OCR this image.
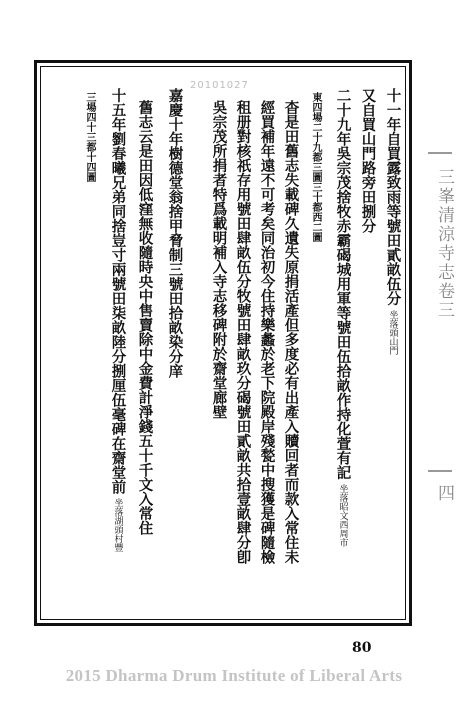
20101027
十一年自買露致雨等號田貳畝伍分坐落頭山門
又自買山門路旁田捌分
二十九年吳宗茂捨牧赤霸碣城用軍等號田伍拾畝作持化萱有記坐落昭文西周市
東四場二十九都三圖三十都西二圖
杳是田舊志失載碑久遺失原捐活產但多度必有出產入贖回者而款入常住未
經買補年遠不可考矣同治初今住持樂蠡於老下院殿岸殘甃中搜獲是碑隨檢
租册對核祇存用號田肆畝伍分牧號田肆畝玖分碣號田貳畝共拾壹畝肆分卽
吳宗茂所捐者特爲載明補入寺志移碑附於齋堂廊壁
嘉慶十年樹德堂翁捨甲脅制三號田拾畝染分庠
舊志云是田因低窪無收隨時央中售賣除中金費計淨錢五十千文入常住
十五年劉春曦兄弟同捨豈寸兩號田柒畝陸分捌厘伍毫碑在齋堂前坐落湖頭村豐
三場四十三都十四圖
三峯清涼寺志卷三
四
80
2015 Dharma Drum Institute of Liberal Arts
